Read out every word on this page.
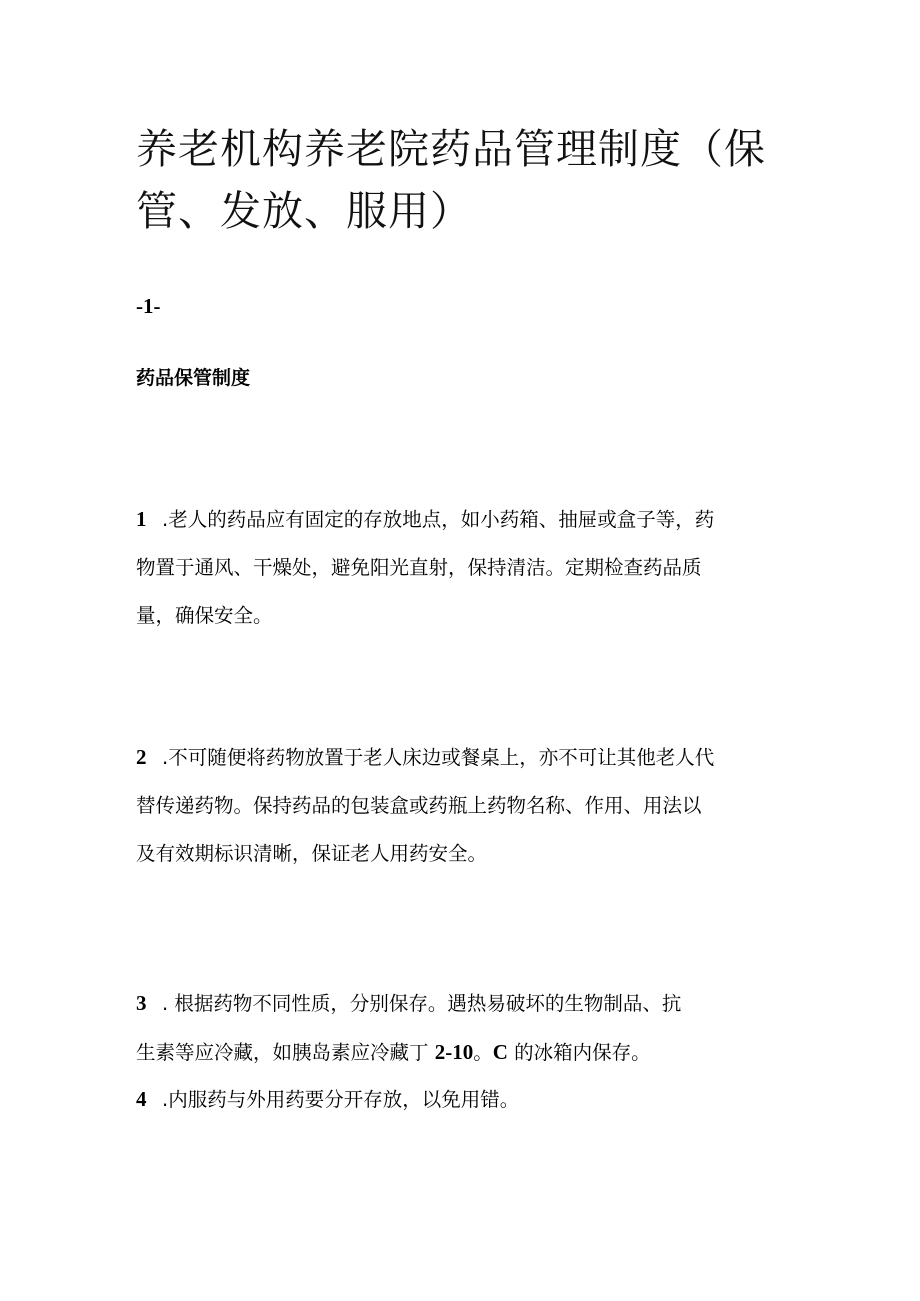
养老机构养老院药品管理制度（保
管、发放、服用）
-1-
药品保管制度

1 .老人的药品应有固定的存放地点，如小药箱、抽屉或盒子等，药
物置于通风、干燥处，避免阳光直射，保持清洁。定期检查药品质
量，确保安全。

2 .不可随便将药物放置于老人床边或餐桌上，亦不可让其他老人代
替传递药物。保持药品的包装盒或药瓶上药物名称、作用、用法以
及有效期标识清晰，保证老人用药安全。

3 . 根据药物不同性质，分别保存。遇热易破坏的生物制品、抗
生素等应冷藏，如胰岛素应冷藏丁 2-10。C 的冰箱内保存。

4 .内服药与外用药要分开存放，以免用错。
